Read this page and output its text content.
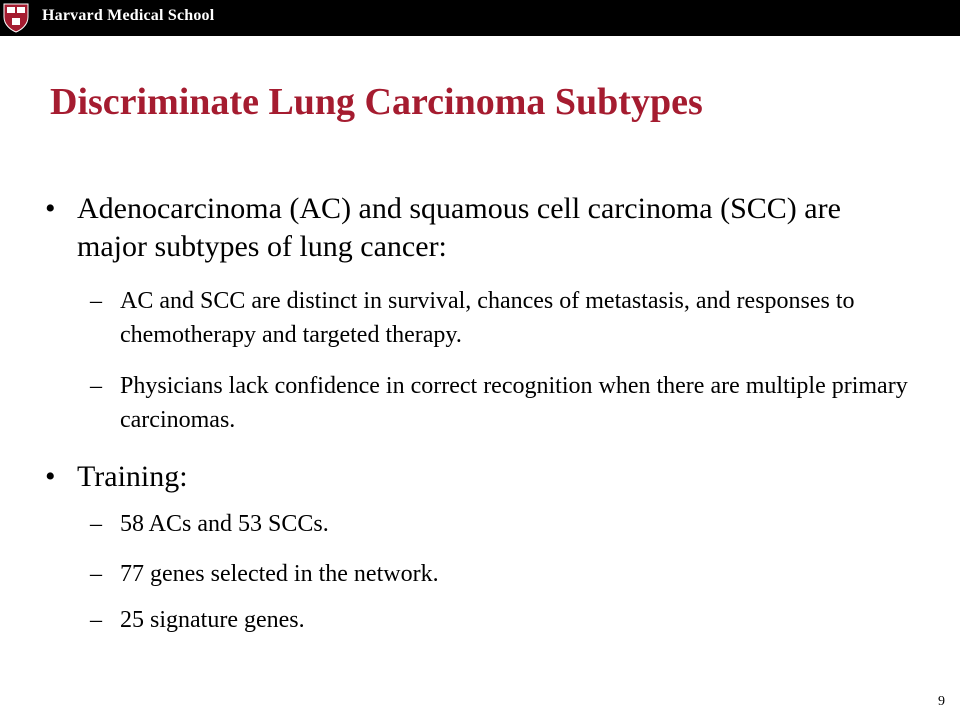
Harvard Medical School
Discriminate Lung Carcinoma Subtypes
• Adenocarcinoma (AC) and squamous cell carcinoma (SCC) are major subtypes of lung cancer:

– AC and SCC are distinct in survival, chances of metastasis, and responses to chemotherapy and targeted therapy.

– Physicians lack confidence in correct recognition when there are multiple primary carcinomas.

• Training:

– 58 ACs and 53 SCCs.

– 77 genes selected in the network.

– 25 signature genes.

9
